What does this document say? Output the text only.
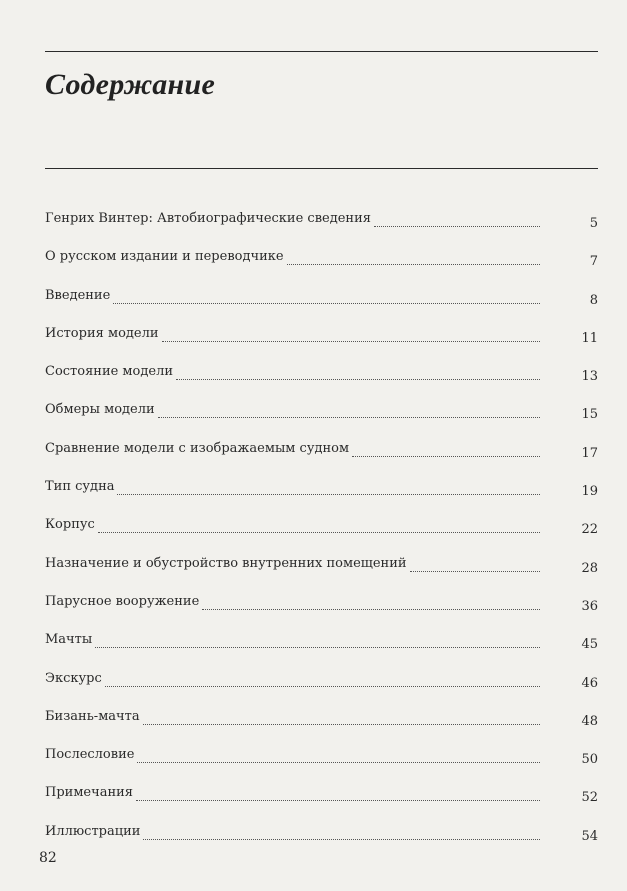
Содержание
Генрих Винтер: Автобиографические сведения	5
О русском издании и переводчике	7
Введение	8
История модели	11
Состояние модели	13
Обмеры модели	15
Сравнение модели с изображаемым судном	17
Тип судна	19
Корпус	22
Назначение и обустройство внутренних помещений	28
Парусное вооружение	36
Мачты	45
Экскурс	46
Бизань-мачта	48
Послесловие	50
Примечания	52
Иллюстрации	54
82
